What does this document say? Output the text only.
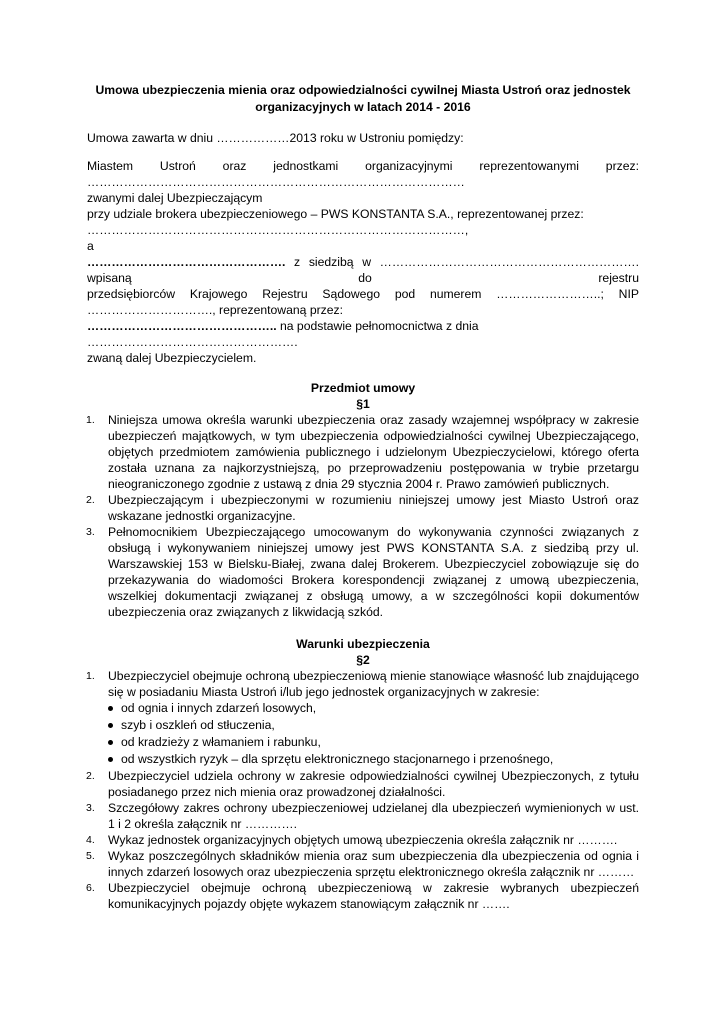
Umowa ubezpieczenia mienia oraz odpowiedzialności cywilnej Miasta Ustroń oraz jednostek
organizacyjnych w latach 2014 - 2016

Umowa zawarta w dniu ………………2013 roku w Ustroniu pomiędzy:

Miastem Ustroń oraz jednostkami organizacyjnymi reprezentowanymi przez:

…………………………………………………………………………………

zwanymi dalej Ubezpieczającym

przy udziale brokera ubezpieczeniowego – PWS KONSTANTA S.A., reprezentowanej przez:

…………………………………………………………………………………,

a

…………………………………………. z siedzibą w ………………………………………………………. wpisaną do rejestru

przedsiębiorców Krajowego Rejestru Sądowego pod numerem ……………………..; NIP

…………………………., reprezentowaną przez:

……………………………………….. na podstawie pełnomocnictwa z dnia …………………………………………….

zwaną dalej Ubezpieczycielem.

Przedmiot umowy
§1
1. Niniejsza umowa określa warunki ubezpieczenia oraz zasady wzajemnej współpracy w zakresie ubezpieczeń majątkowych, w tym ubezpieczenia odpowiedzialności cywilnej Ubezpieczającego, objętych przedmiotem zamówienia publicznego i udzielonym Ubezpieczycielowi, którego oferta została uznana za najkorzystniejszą, po przeprowadzeniu postępowania w trybie przetargu nieograniczonego zgodnie z ustawą z dnia 29 stycznia 2004 r. Prawo zamówień publicznych.
2. Ubezpieczającym i ubezpieczonymi w rozumieniu niniejszej umowy jest Miasto Ustroń oraz wskazane jednostki organizacyjne.
3. Pełnomocnikiem Ubezpieczającego umocowanym do wykonywania czynności związanych z obsługą i wykonywaniem niniejszej umowy jest PWS KONSTANTA S.A. z siedzibą przy ul. Warszawskiej 153 w Bielsku-Białej, zwana dalej Brokerem. Ubezpieczyciel zobowiązuje się do przekazywania do wiadomości Brokera korespondencji związanej z umową ubezpieczenia, wszelkiej dokumentacji związanej z obsługą umowy, a w szczególności kopii dokumentów ubezpieczenia oraz związanych z likwidacją szkód.
Warunki ubezpieczenia
§2
1. Ubezpieczyciel obejmuje ochroną ubezpieczeniową mienie stanowiące własność lub znajdującego się w posiadaniu Miasta Ustroń i/lub jego jednostek organizacyjnych w zakresie:
od ognia i innych zdarzeń losowych,
szyb i oszkleń od stłuczenia,
od kradzieży z włamaniem i rabunku,
od wszystkich ryzyk – dla sprzętu elektronicznego stacjonarnego i przenośnego,
2. Ubezpieczyciel udziela ochrony w zakresie odpowiedzialności cywilnej Ubezpieczonych, z tytułu posiadanego przez nich mienia oraz prowadzonej działalności.
3. Szczegółowy zakres ochrony ubezpieczeniowej udzielanej dla ubezpieczeń wymienionych w ust. 1 i 2 określa załącznik nr ………….
4. Wykaz jednostek organizacyjnych objętych umową ubezpieczenia określa załącznik nr ……….
5. Wykaz poszczególnych składników mienia oraz sum ubezpieczenia dla ubezpieczenia od ognia i innych zdarzeń losowych oraz ubezpieczenia sprzętu elektronicznego określa załącznik nr ………
6. Ubezpieczyciel obejmuje ochroną ubezpieczeniową w zakresie wybranych ubezpieczeń komunikacyjnych pojazdy objęte wykazem stanowiącym załącznik nr …….
